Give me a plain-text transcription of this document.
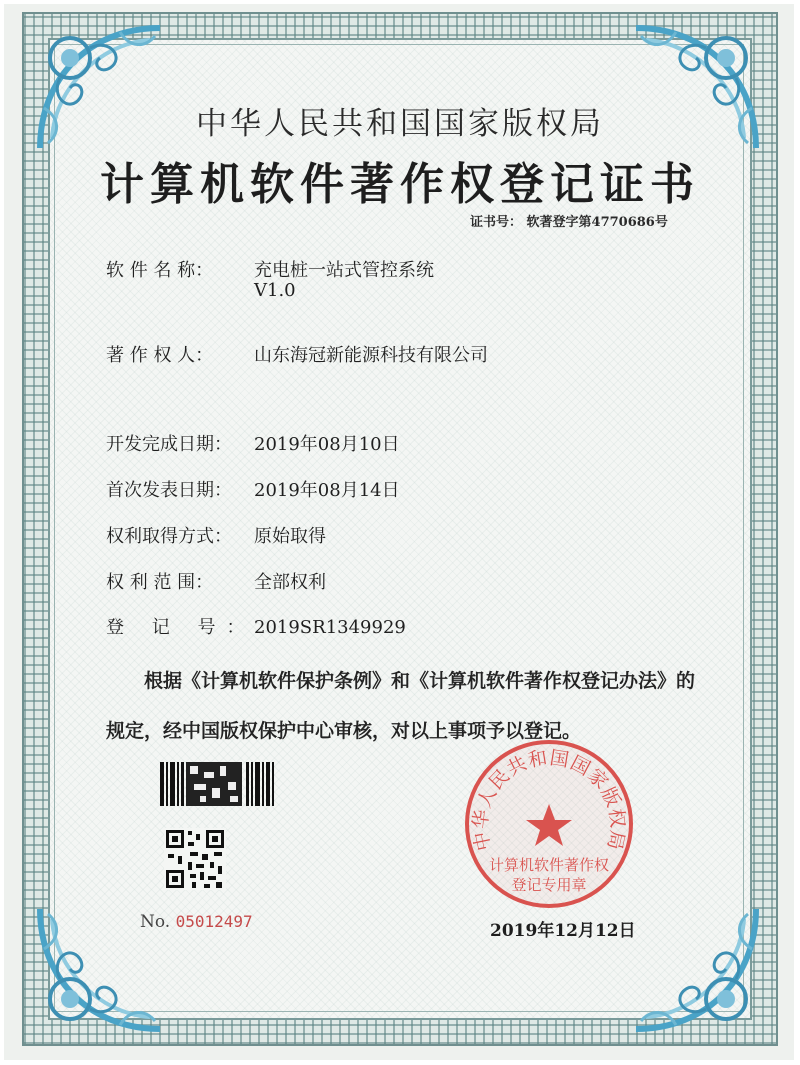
中华人民共和国国家版权局
计算机软件著作权登记证书
证书号： 软著登字第4770686号
软 件 名 称： 充电桩一站式管控系统
V1.0
著 作 权 人： 山东海冠新能源科技有限公司
开发完成日期： 2019年08月10日
首次发表日期： 2019年08月14日
权利取得方式： 原始取得
权 利 范 围： 全部权利
登 记 号：2019SR1349929
根据《计算机软件保护条例》和《计算机软件著作权登记办法》的
规定，经中国版权保护中心审核，对以上事项予以登记。
No. 05012497
中华人民共和国国家版权局
计算机软件著作权
登记专用章
2019年12月12日
